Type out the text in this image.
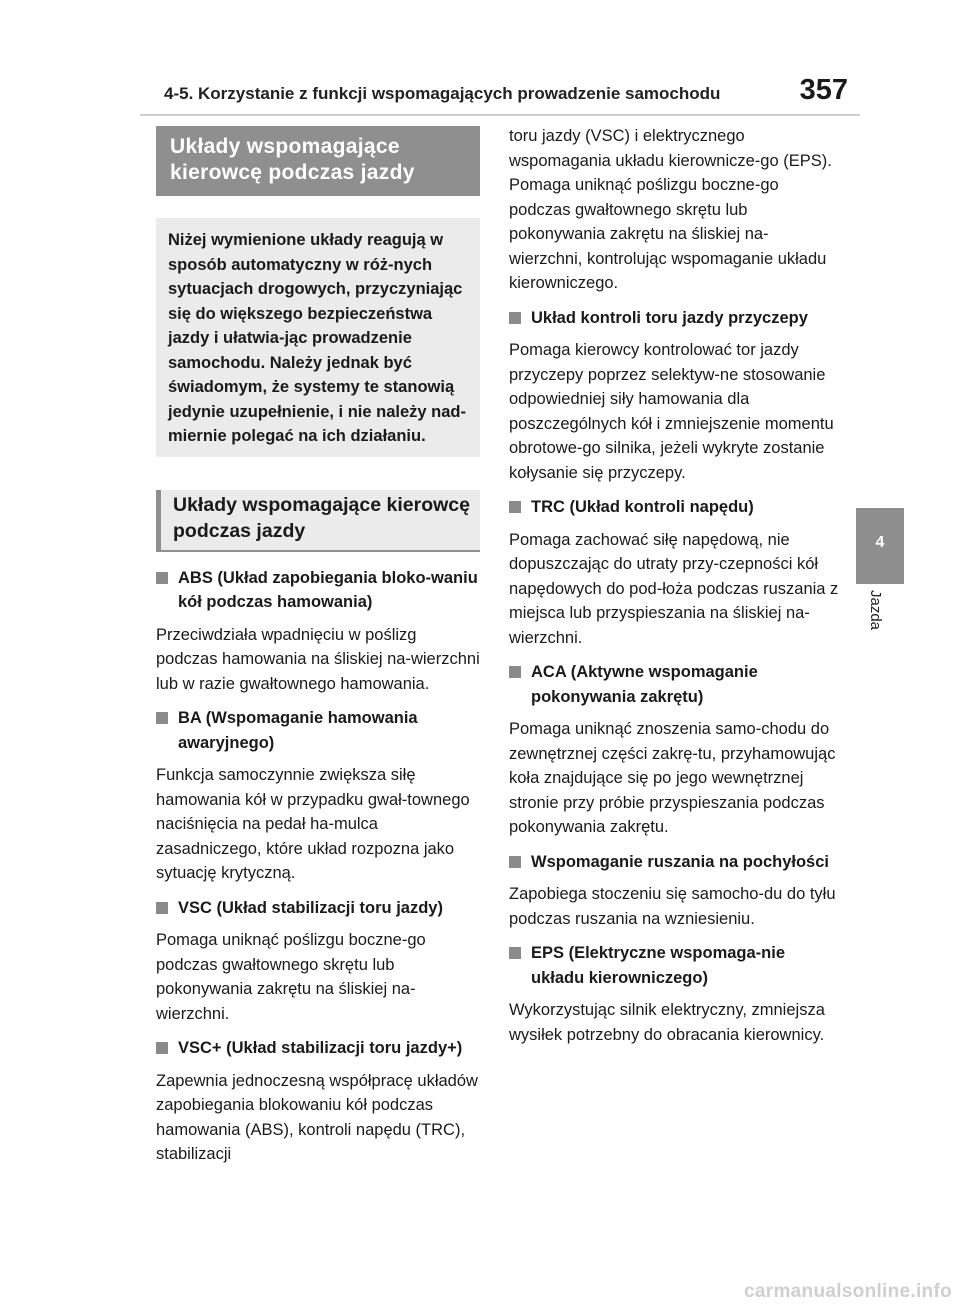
4-5. Korzystanie z funkcji wspomagających prowadzenie samochodu	357
4
Jazda
Układy wspomagające kierowcę podczas jazdy
Niżej wymienione układy reagują w sposób automatyczny w róż-nych sytuacjach drogowych, przyczyniając się do większego bezpieczeństwa jazdy i ułatwia-jąc prowadzenie samochodu. Należy jednak być świadomym, że systemy te stanowią jedynie uzupełnienie, i nie należy nad-miernie polegać na ich działaniu.
Układy wspomagające kierowcę podczas jazdy
ABS (Układ zapobiegania bloko-waniu kół podczas hamowania)
Przeciwdziała wpadnięciu w poślizg podczas hamowania na śliskiej na-wierzchni lub w razie gwałtownego hamowania.
BA (Wspomaganie hamowania awaryjnego)
Funkcja samoczynnie zwiększa siłę hamowania kół w przypadku gwał-townego naciśnięcia na pedał ha-mulca zasadniczego, które układ rozpozna jako sytuację krytyczną.
VSC (Układ stabilizacji toru jazdy)
Pomaga uniknąć poślizgu boczne-go podczas gwałtownego skrętu lub pokonywania zakrętu na śliskiej na-wierzchni.
VSC+ (Układ stabilizacji toru jazdy+)
Zapewnia jednoczesną współpracę układów zapobiegania blokowaniu kół podczas hamowania (ABS), kontroli napędu (TRC), stabilizacji
toru jazdy (VSC) i elektrycznego wspomagania układu kierownicze-go (EPS). Pomaga uniknąć poślizgu boczne-go podczas gwałtownego skrętu lub pokonywania zakrętu na śliskiej na-wierzchni, kontrolując wspomaganie układu kierowniczego.
Układ kontroli toru jazdy przyczepy
Pomaga kierowcy kontrolować tor jazdy przyczepy poprzez selektyw-ne stosowanie odpowiedniej siły hamowania dla poszczególnych kół i zmniejszenie momentu obrotowe-go silnika, jeżeli wykryte zostanie kołysanie się przyczepy.
TRC (Układ kontroli napędu)
Pomaga zachować siłę napędową, nie dopuszczając do utraty przy-czepności kół napędowych do pod-łoża podczas ruszania z miejsca lub przyspieszania na śliskiej na-wierzchni.
ACA (Aktywne wspomaganie pokonywania zakrętu)
Pomaga uniknąć znoszenia samo-chodu do zewnętrznej części zakrę-tu, przyhamowując koła znajdujące się po jego wewnętrznej stronie przy próbie przyspieszania podczas pokonywania zakrętu.
Wspomaganie ruszania na pochyłości
Zapobiega stoczeniu się samocho-du do tyłu podczas ruszania na wzniesieniu.
EPS (Elektryczne wspomaga-nie układu kierowniczego)
Wykorzystując silnik elektryczny, zmniejsza wysiłek potrzebny do obracania kierownicy.
carmanualsonline.info
